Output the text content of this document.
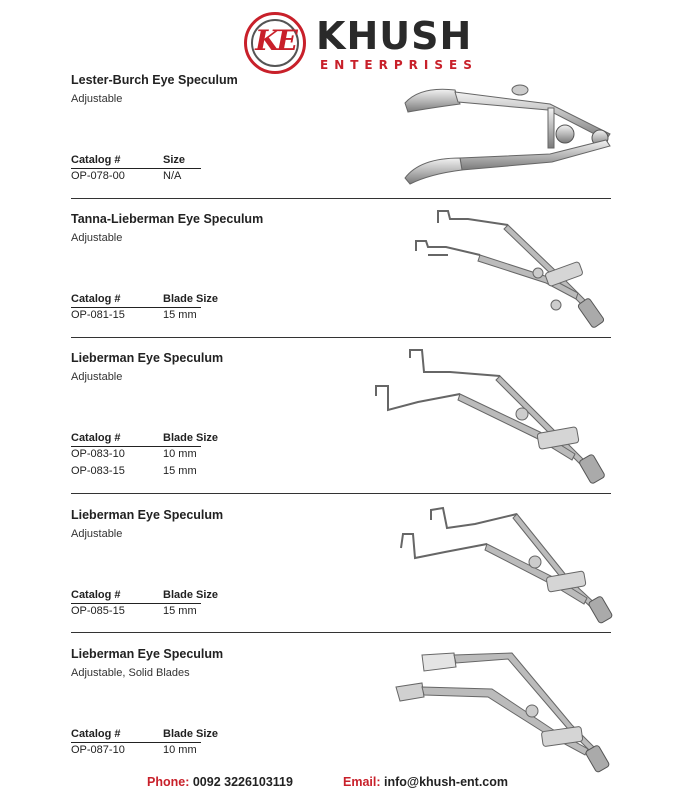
KE KHUSH
ENTERPRISES
Lester-Burch Eye Speculum
Adjustable
Catalog #	Size
OP-078-00	N/A
Tanna-Lieberman Eye Speculum
Adjustable
Catalog #	Blade Size
OP-081-15	15 mm
Lieberman Eye Speculum
Adjustable
Catalog #	Blade Size
OP-083-10	10 mm
OP-083-15	15 mm
Lieberman Eye Speculum
Adjustable
Catalog #	Blade Size
OP-085-15	15 mm
Lieberman Eye Speculum
Adjustable, Solid Blades
Catalog #	Blade Size
OP-087-10	10 mm
Phone: 0092 3226103119	Email: info@khush-ent.com
